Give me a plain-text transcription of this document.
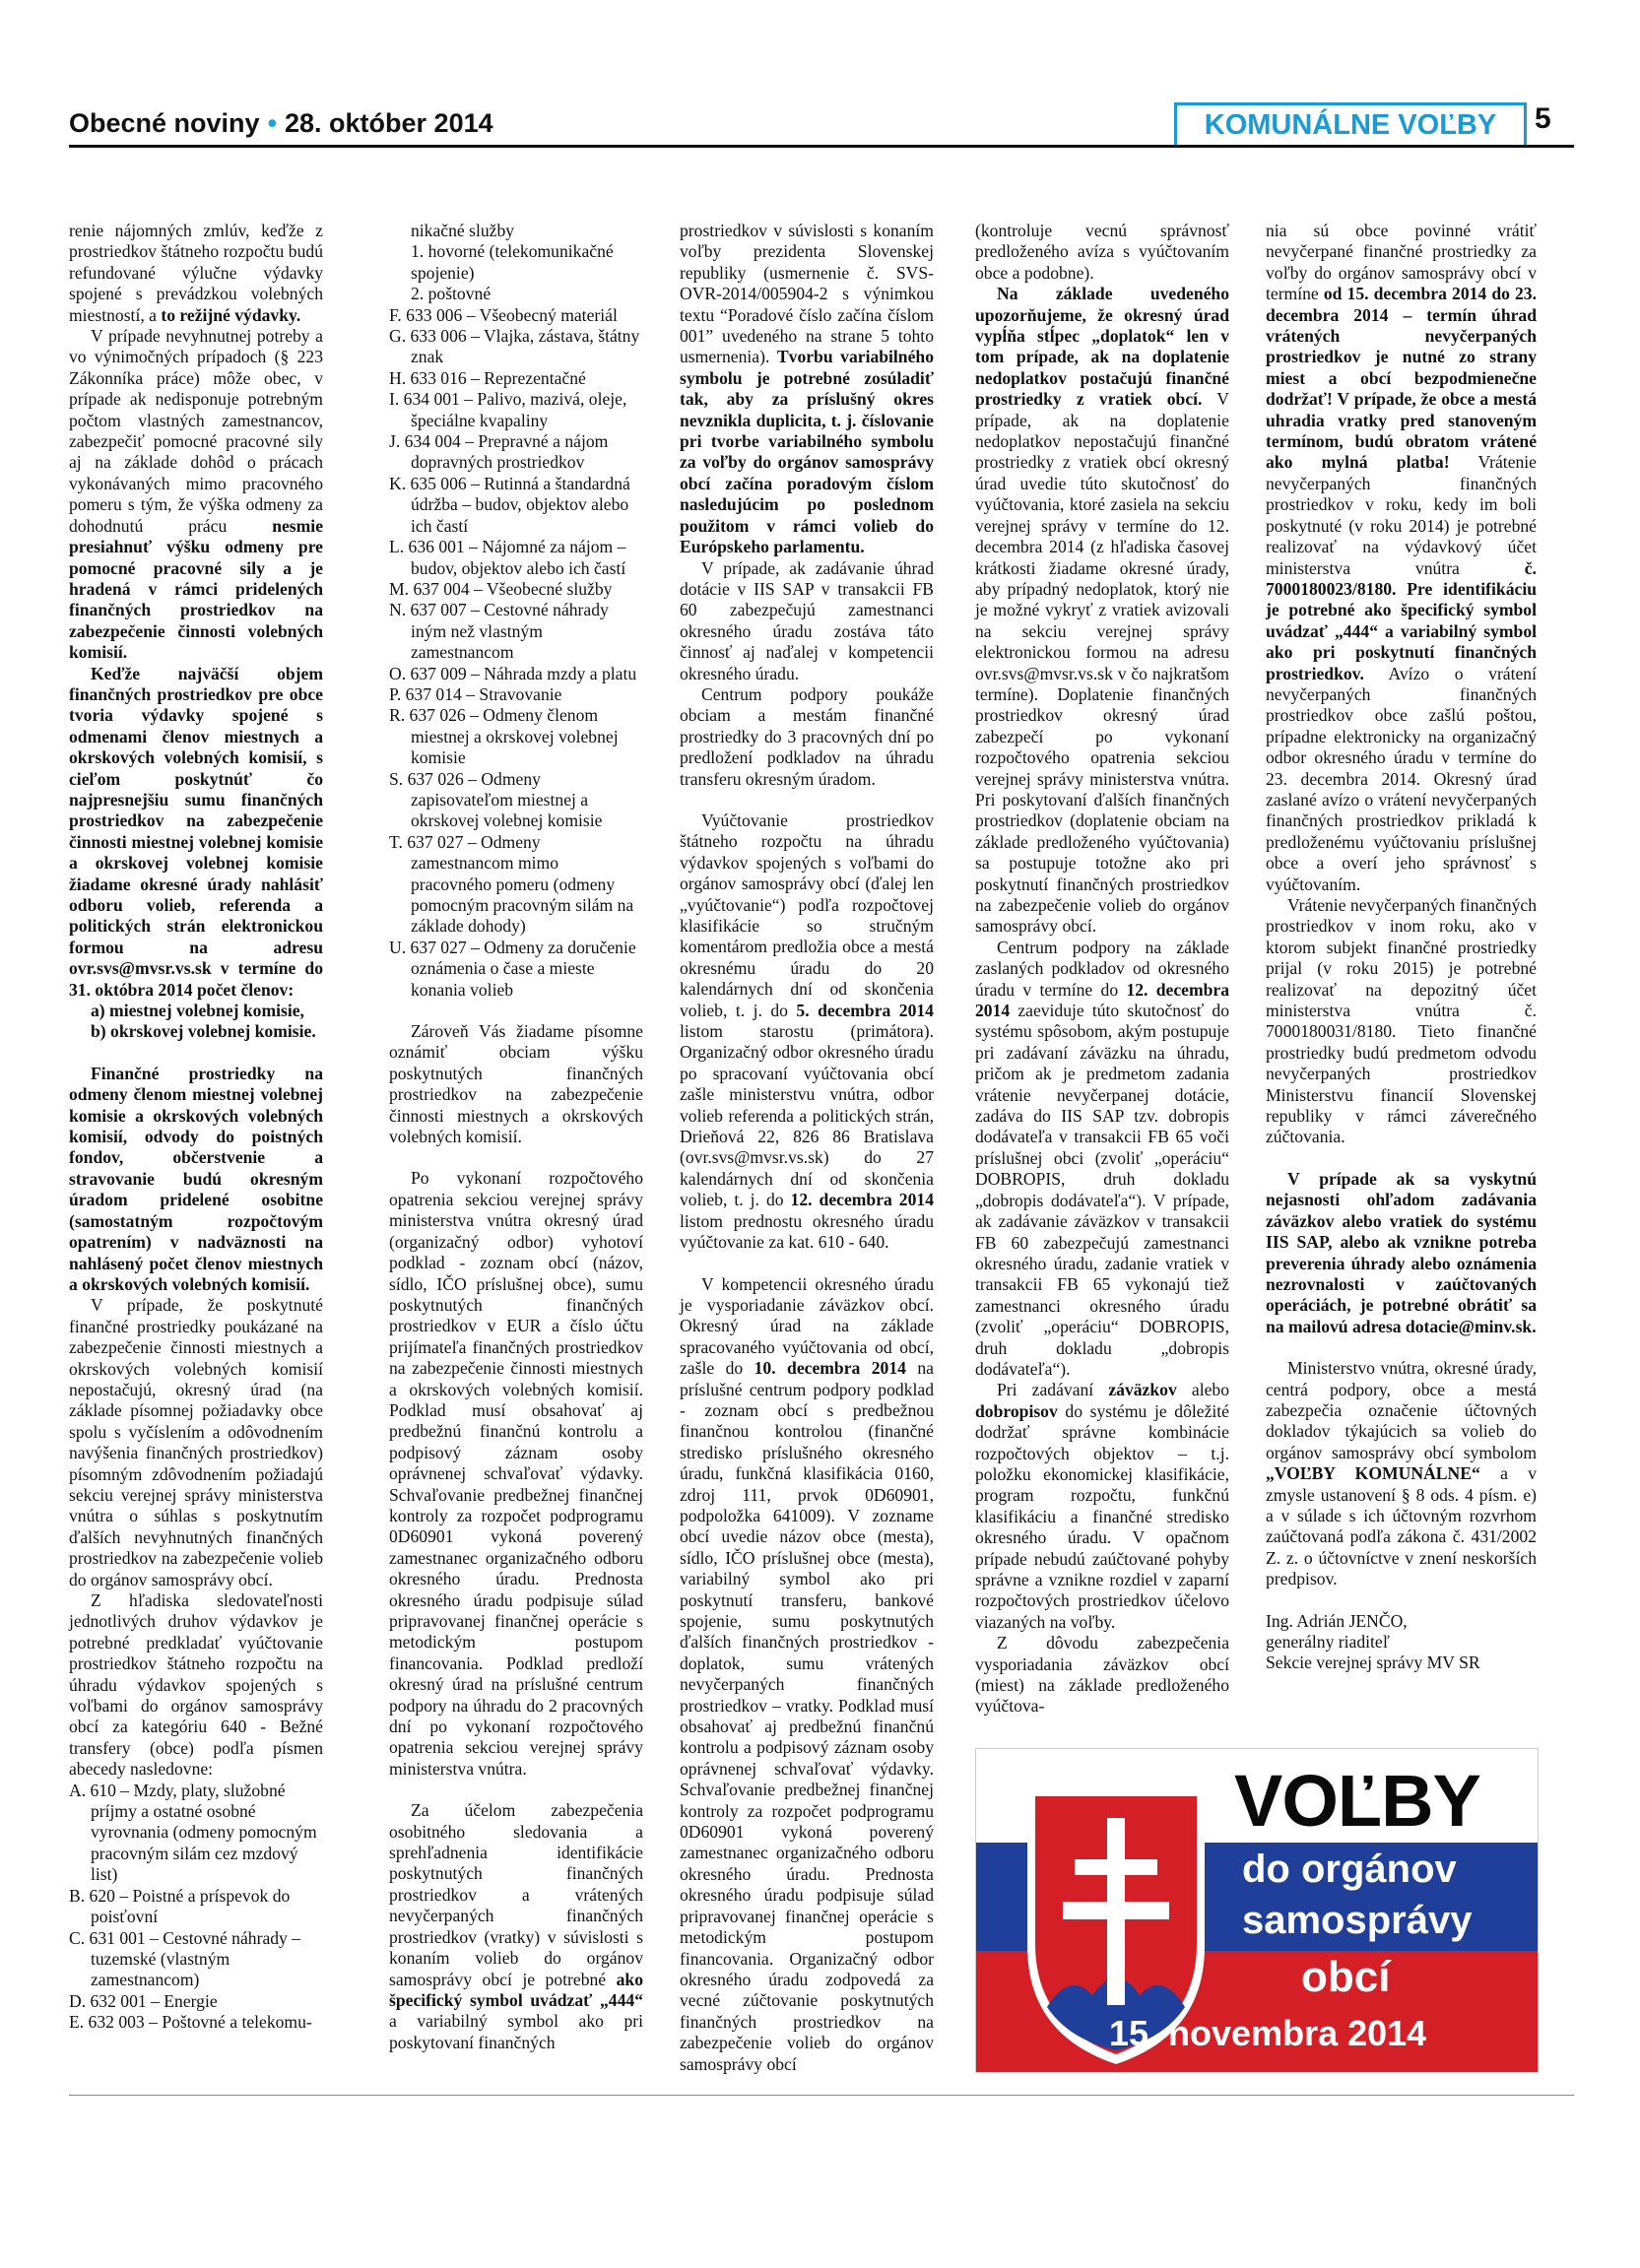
Obecné noviny • 28. október 2014	KOMUNÁLNE VOĽBY	5

renie nájomných zmlúv, keďže z prostriedkov štátneho rozpočtu budú refundované výlučne výdavky spojené s prevádzkou volebných miestností, a to režijné výdavky.

V prípade nevyhnutnej potreby a vo výnimočných prípadoch (§ 223 Zákonníka práce) môže obec, v prípade ak nedisponuje potrebným počtom vlastných zamestnancov, zabezpečiť pomocné pracovné sily aj na základe dohôd o prácach vykonávaných mimo pracovného pomeru s tým, že výška odmeny za dohodnutú prácu nesmie presiahnuť výšku odmeny pre pomocné pracovné sily a je hradená v rámci pridelených finančných prostriedkov na zabezpečenie činnosti volebných komisií.

Keďže najväčší objem finančných prostriedkov pre obce tvoria výdavky spojené s odmenami členov miestnych a okrskových volebných komisií, s cieľom poskytnúť čo najpresnejšiu sumu finančných prostriedkov na zabezpečenie činnosti miestnej volebnej komisie a okrskovej volebnej komisie žiadame okresné úrady nahlásiť odboru volieb, referenda a politických strán elektronickou formou na adresu ovr.svs@mvsr.vs.sk v termíne do 31. októbra 2014 počet členov:

a) miestnej volebnej komisie,

b) okrskovej volebnej komisie.

Finančné prostriedky na odmeny členom miestnej volebnej komisie a okrskových volebných komisií, odvody do poistných fondov, občerstvenie a stravovanie budú okresným úradom pridelené osobitne (samostatným rozpočtovým opatrením) v nadväznosti na nahlásený počet členov miestnych a okrskových volebných komisií.

V prípade, že poskytnuté finančné prostriedky poukázané na zabezpečenie činnosti miestnych a okrskových volebných komisií nepostačujú, okresný úrad (na základe písomnej požiadavky obce spolu s vyčíslením a odôvodnením navýšenia finančných prostriedkov) písomným zdôvodnením požiadajú sekciu verejnej správy ministerstva vnútra o súhlas s poskytnutím ďalších nevyhnutných finančných prostriedkov na zabezpečenie volieb do orgánov samosprávy obcí.

Z hľadiska sledovateľnosti jednotlivých druhov výdavkov je potrebné predkladať vyúčtovanie prostriedkov štátneho rozpočtu na úhradu výdavkov spojených s voľbami do orgánov samosprávy obcí za kategóriu 640 - Bežné transfery (obce) podľa písmen abecedy nasledovne:

A. 610 – Mzdy, platy, služobné príjmy a ostatné osobné vyrovnania (odmeny pomocným pracovným silám cez mzdový list)

B. 620 – Poistné a príspevok do poisťovní

C. 631 001 – Cestovné náhrady – tuzemské (vlastným zamestnancom)

D. 632 001 – Energie

E. 632 003 – Poštovné a telekomu-

nikačné služby

1. hovorné (telekomunikačné spojenie)

2. poštovné

F. 633 006 – Všeobecný materiál

G. 633 006 – Vlajka, zástava, štátny znak

H. 633 016 – Reprezentačné

I. 634 001 – Palivo, mazivá, oleje, špeciálne kvapaliny

J. 634 004 – Prepravné a nájom dopravných prostriedkov

K. 635 006 – Rutinná a štandardná údržba – budov, objektov alebo ich častí

L. 636 001 – Nájomné za nájom – budov, objektov alebo ich častí

M. 637 004 – Všeobecné služby

N. 637 007 – Cestovné náhrady iným než vlastným zamestnancom

O. 637 009 – Náhrada mzdy a platu

P. 637 014 – Stravovanie

R. 637 026 – Odmeny členom miestnej a okrskovej volebnej komisie

S. 637 026 – Odmeny zapisovateľom miestnej a okrskovej volebnej komisie

T. 637 027 – Odmeny zamestnancom mimo pracovného pomeru (odmeny pomocným pracovným silám na základe dohody)

U. 637 027 – Odmeny za doručenie oznámenia o čase a mieste konania volieb

Zároveň Vás žiadame písomne oznámiť obciam výšku poskytnutých finančných prostriedkov na zabezpečenie činnosti miestnych a okrskových volebných komisií.

Po vykonaní rozpočtového opatrenia sekciou verejnej správy ministerstva vnútra okresný úrad (organizačný odbor) vyhotoví podklad - zoznam obcí (názov, sídlo, IČO príslušnej obce), sumu poskytnutých finančných prostriedkov v EUR a číslo účtu prijímateľa finančných prostriedkov na zabezpečenie činnosti miestnych a okrskových volebných komisií. Podklad musí obsahovať aj predbežnú finančnú kontrolu a podpisový záznam osoby oprávnenej schvaľovať výdavky. Schvaľovanie predbežnej finančnej kontroly za rozpočet podprogramu 0D60901 vykoná poverený zamestnanec organizačného odboru okresného úradu. Prednosta okresného úradu podpisuje súlad pripravovanej finančnej operácie s metodickým postupom financovania. Podklad predloží okresný úrad na príslušné centrum podpory na úhradu do 2 pracovných dní po vykonaní rozpočtového opatrenia sekciou verejnej správy ministerstva vnútra.

Za účelom zabezpečenia osobitného sledovania a sprehľadnenia identifikácie poskytnutých finančných prostriedkov a vrátených nevyčerpaných finančných prostriedkov (vratky) v súvislosti s konaním volieb do orgánov samosprávy obcí je potrebné ako špecifický symbol uvádzať „444“ a variabilný symbol ako pri poskytovaní finančných

prostriedkov v súvislosti s konaním voľby prezidenta Slovenskej republiky (usmernenie č. SVS-OVR-2014/005904-2 s výnimkou textu “Poradové číslo začína číslom 001” uvedeného na strane 5 tohto usmernenia). Tvorbu variabilného symbolu je potrebné zosúladiť tak, aby za príslušný okres nevznikla duplicita, t. j. číslovanie pri tvorbe variabilného symbolu za voľby do orgánov samosprávy obcí začína poradovým číslom nasledujúcim po poslednom použitom v rámci volieb do Európskeho parlamentu.

V prípade, ak zadávanie úhrad dotácie v IIS SAP v transakcii FB 60 zabezpečujú zamestnanci okresného úradu zostáva táto činnosť aj naďalej v kompetencii okresného úradu.

Centrum podpory poukáže obciam a mestám finančné prostriedky do 3 pracovných dní po predložení podkladov na úhradu transferu okresným úradom.

Vyúčtovanie prostriedkov štátneho rozpočtu na úhradu výdavkov spojených s voľbami do orgánov samosprávy obcí (ďalej len „vyúčtovanie“) podľa rozpočtovej klasifikácie so stručným komentárom predložia obce a mestá okresnému úradu do 20 kalendárnych dní od skončenia volieb, t. j. do 5. decembra 2014 listom starostu (primátora). Organizačný odbor okresného úradu po spracovaní vyúčtovania obcí zašle ministerstvu vnútra, odbor volieb referenda a politických strán, Drieňová 22, 826 86 Bratislava (ovr.svs@mvsr.vs.sk) do 27 kalendárnych dní od skončenia volieb, t. j. do 12. decembra 2014 listom prednostu okresného úradu vyúčtovanie za kat. 610 - 640.

V kompetencii okresného úradu je vysporiadanie záväzkov obcí. Okresný úrad na základe spracovaného vyúčtovania od obcí, zašle do 10. decembra 2014 na príslušné centrum podpory podklad - zoznam obcí s predbežnou finančnou kontrolou (finančné stredisko príslušného okresného úradu, funkčná klasifikácia 0160, zdroj 111, prvok 0D60901, podpoložka 641009). V zozname obcí uvedie názov obce (mesta), sídlo, IČO príslušnej obce (mesta), variabilný symbol ako pri poskytnutí transferu, bankové spojenie, sumu poskytnutých ďalších finančných prostriedkov - doplatok, sumu vrátených nevyčerpaných finančných prostriedkov – vratky. Podklad musí obsahovať aj predbežnú finančnú kontrolu a podpisový záznam osoby oprávnenej schvaľovať výdavky. Schvaľovanie predbežnej finančnej kontroly za rozpočet podprogramu 0D60901 vykoná poverený zamestnanec organizačného odboru okresného úradu. Prednosta okresného úradu podpisuje súlad pripravovanej finančnej operácie s metodickým postupom financovania. Organizačný odbor okresného úradu zodpovedá za vecné zúčtovanie poskytnutých finančných prostriedkov na zabezpečenie volieb do orgánov samosprávy obcí

(kontroluje vecnú správnosť predloženého avíza s vyúčtovaním obce a podobne).

Na základe uvedeného upozorňujeme, že okresný úrad vypĺňa stĺpec „doplatok“ len v tom prípade, ak na doplatenie nedoplatkov postačujú finančné prostriedky z vratiek obcí. V prípade, ak na doplatenie nedoplatkov nepostačujú finančné prostriedky z vratiek obcí okresný úrad uvedie túto skutočnosť do vyúčtovania, ktoré zasiela na sekciu verejnej správy v termíne do 12. decembra 2014 (z hľadiska časovej krátkosti žiadame okresné úrady, aby prípadný nedoplatok, ktorý nie je možné vykryť z vratiek avizovali na sekciu verejnej správy elektronickou formou na adresu ovr.svs@mvsr.vs.sk v čo najkratšom termíne). Doplatenie finančných prostriedkov okresný úrad zabezpečí po vykonaní rozpočtového opatrenia sekciou verejnej správy ministerstva vnútra. Pri poskytovaní ďalších finančných prostriedkov (doplatenie obciam na základe predloženého vyúčtovania) sa postupuje totožne ako pri poskytnutí finančných prostriedkov na zabezpečenie volieb do orgánov samosprávy obcí.

Centrum podpory na základe zaslaných podkladov od okresného úradu v termíne do 12. decembra 2014 zaeviduje túto skutočnosť do systému spôsobom, akým postupuje pri zadávaní záväzku na úhradu, pričom ak je predmetom zadania vrátenie nevyčerpanej dotácie, zadáva do IIS SAP tzv. dobropis dodávateľa v transakcii FB 65 voči príslušnej obci (zvoliť „operáciu“ DOBROPIS, druh dokladu „dobropis dodávateľa“). V prípade, ak zadávanie záväzkov v transakcii FB 60 zabezpečujú zamestnanci okresného úradu, zadanie vratiek v transakcii FB 65 vykonajú tiež zamestnanci okresného úradu (zvoliť „operáciu“ DOBROPIS, druh dokladu „dobropis dodávateľa“).

Pri zadávaní záväzkov alebo dobropisov do systému je dôležité dodržať správne kombinácie rozpočtových objektov – t.j. položku ekonomickej klasifikácie, program rozpočtu, funkčnú klasifikáciu a finančné stredisko okresného úradu. V opačnom prípade nebudú zaúčtované pohyby správne a vznikne rozdiel v zaparní rozpočtových prostriedkov účelovo viazaných na voľby.

Z dôvodu zabezpečenia vysporiadania záväzkov obcí (miest) na základe predloženého vyúčtova-

nia sú obce povinné vrátiť nevyčerpané finančné prostriedky za voľby do orgánov samosprávy obcí v termíne od 15. decembra 2014 do 23. decembra 2014 – termín úhrad vrátených nevyčerpaných prostriedkov je nutné zo strany miest a obcí bezpodmienečne dodržať! V prípade, že obce a mestá uhradia vratky pred stanoveným termínom, budú obratom vrátené ako mylná platba! Vrátenie nevyčerpaných finančných prostriedkov v roku, kedy im boli poskytnuté (v roku 2014) je potrebné realizovať na výdavkový účet ministerstva vnútra č. 7000180023/8180. Pre identifikáciu je potrebné ako špecifický symbol uvádzať „444“ a variabilný symbol ako pri poskytnutí finančných prostriedkov. Avízo o vrátení nevyčerpaných finančných prostriedkov obce zašlú poštou, prípadne elektronicky na organizačný odbor okresného úradu v termíne do 23. decembra 2014. Okresný úrad zaslané avízo o vrátení nevyčerpaných finančných prostriedkov prikladá k predloženému vyúčtovaniu príslušnej obce a overí jeho správnosť s vyúčtovaním.

Vrátenie nevyčerpaných finančných prostriedkov v inom roku, ako v ktorom subjekt finančné prostriedky prijal (v roku 2015) je potrebné realizovať na depozitný účet ministerstva vnútra č. 7000180031/8180. Tieto finančné prostriedky budú predmetom odvodu nevyčerpaných prostriedkov Ministerstvu financií Slovenskej republiky v rámci záverečného zúčtovania.

V prípade ak sa vyskytnú nejasnosti ohľadom zadávania záväzkov alebo vratiek do systému IIS SAP, alebo ak vznikne potreba preverenia úhrady alebo oznámenia nezrovnalosti v zaúčtovaných operáciách, je potrebné obrátiť sa na mailovú adresa dotacie@minv.sk.

Ministerstvo vnútra, okresné úrady, centrá podpory, obce a mestá zabezpečia označenie účtovných dokladov týkajúcich sa volieb do orgánov samosprávy obcí symbolom „VOĽBY KOMUNÁLNE“ a v zmysle ustanovení § 8 ods. 4 písm. e) a v súlade s ich účtovným rozvrhom zaúčtovaná podľa zákona č. 431/2002 Z. z. o účtovníctve v znení neskorších predpisov.

Ing. Adrián JENČO,

generálny riaditeľ

Sekcie verejnej správy MV SR

VOĽBY
do orgánov
samosprávy
obcí
15. novembra 2014
